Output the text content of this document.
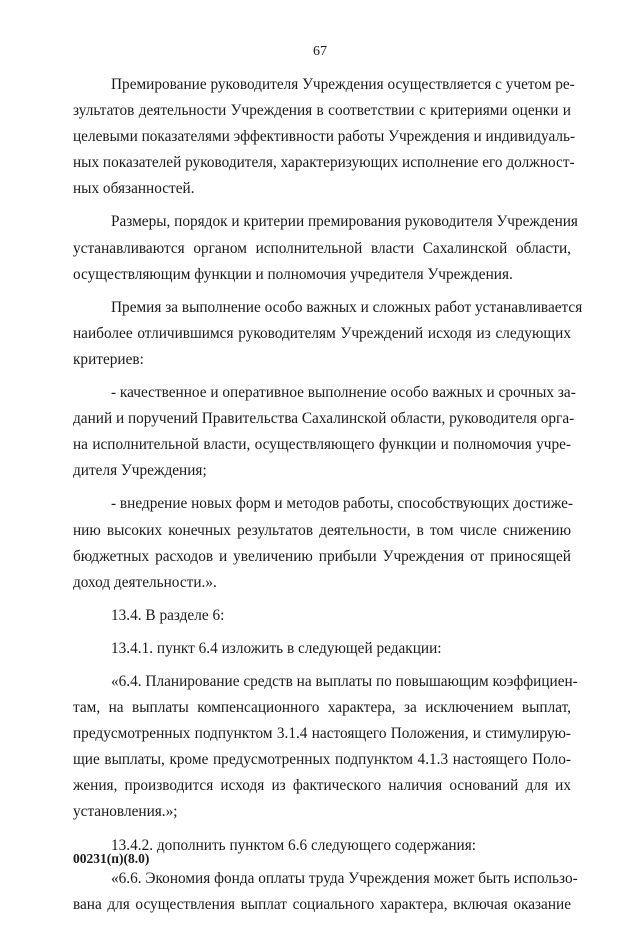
67
Премирование руководителя Учреждения осуществляется с учетом ре-
зультатов деятельности Учреждения в соответствии с критериями оценки и
целевыми показателями эффективности работы Учреждения и индивидуаль-
ных показателей руководителя, характеризующих исполнение его должност-
ных обязанностей.
Размеры, порядок и критерии премирования руководителя Учреждения
устанавливаются органом исполнительной власти Сахалинской области,
осуществляющим функции и полномочия учредителя Учреждения.
Премия за выполнение особо важных и сложных работ устанавливается
наиболее отличившимся руководителям Учреждений исходя из следующих
критериев:
- качественное и оперативное выполнение особо важных и срочных за-
даний и поручений Правительства Сахалинской области, руководителя орга-
на исполнительной власти, осуществляющего функции и полномочия учре-
дителя Учреждения;
- внедрение новых форм и методов работы, способствующих достиже-
нию высоких конечных результатов деятельности, в том числе снижению
бюджетных расходов и увеличению прибыли Учреждения от приносящей
доход деятельности.».
13.4. В разделе 6:
13.4.1. пункт 6.4 изложить в следующей редакции:
«6.4. Планирование средств на выплаты по повышающим коэффициен-
там, на выплаты компенсационного характера, за исключением выплат,
предусмотренных подпунктом 3.1.4 настоящего Положения, и стимулирую-
щие выплаты, кроме предусмотренных подпунктом 4.1.3 настоящего Поло-
жения, производится исходя из фактического наличия оснований для их
установления.»;
13.4.2. дополнить пунктом 6.6 следующего содержания:
«6.6. Экономия фонда оплаты труда Учреждения может быть использо-
вана для осуществления выплат социального характера, включая оказание
00231(п)(8.0)
